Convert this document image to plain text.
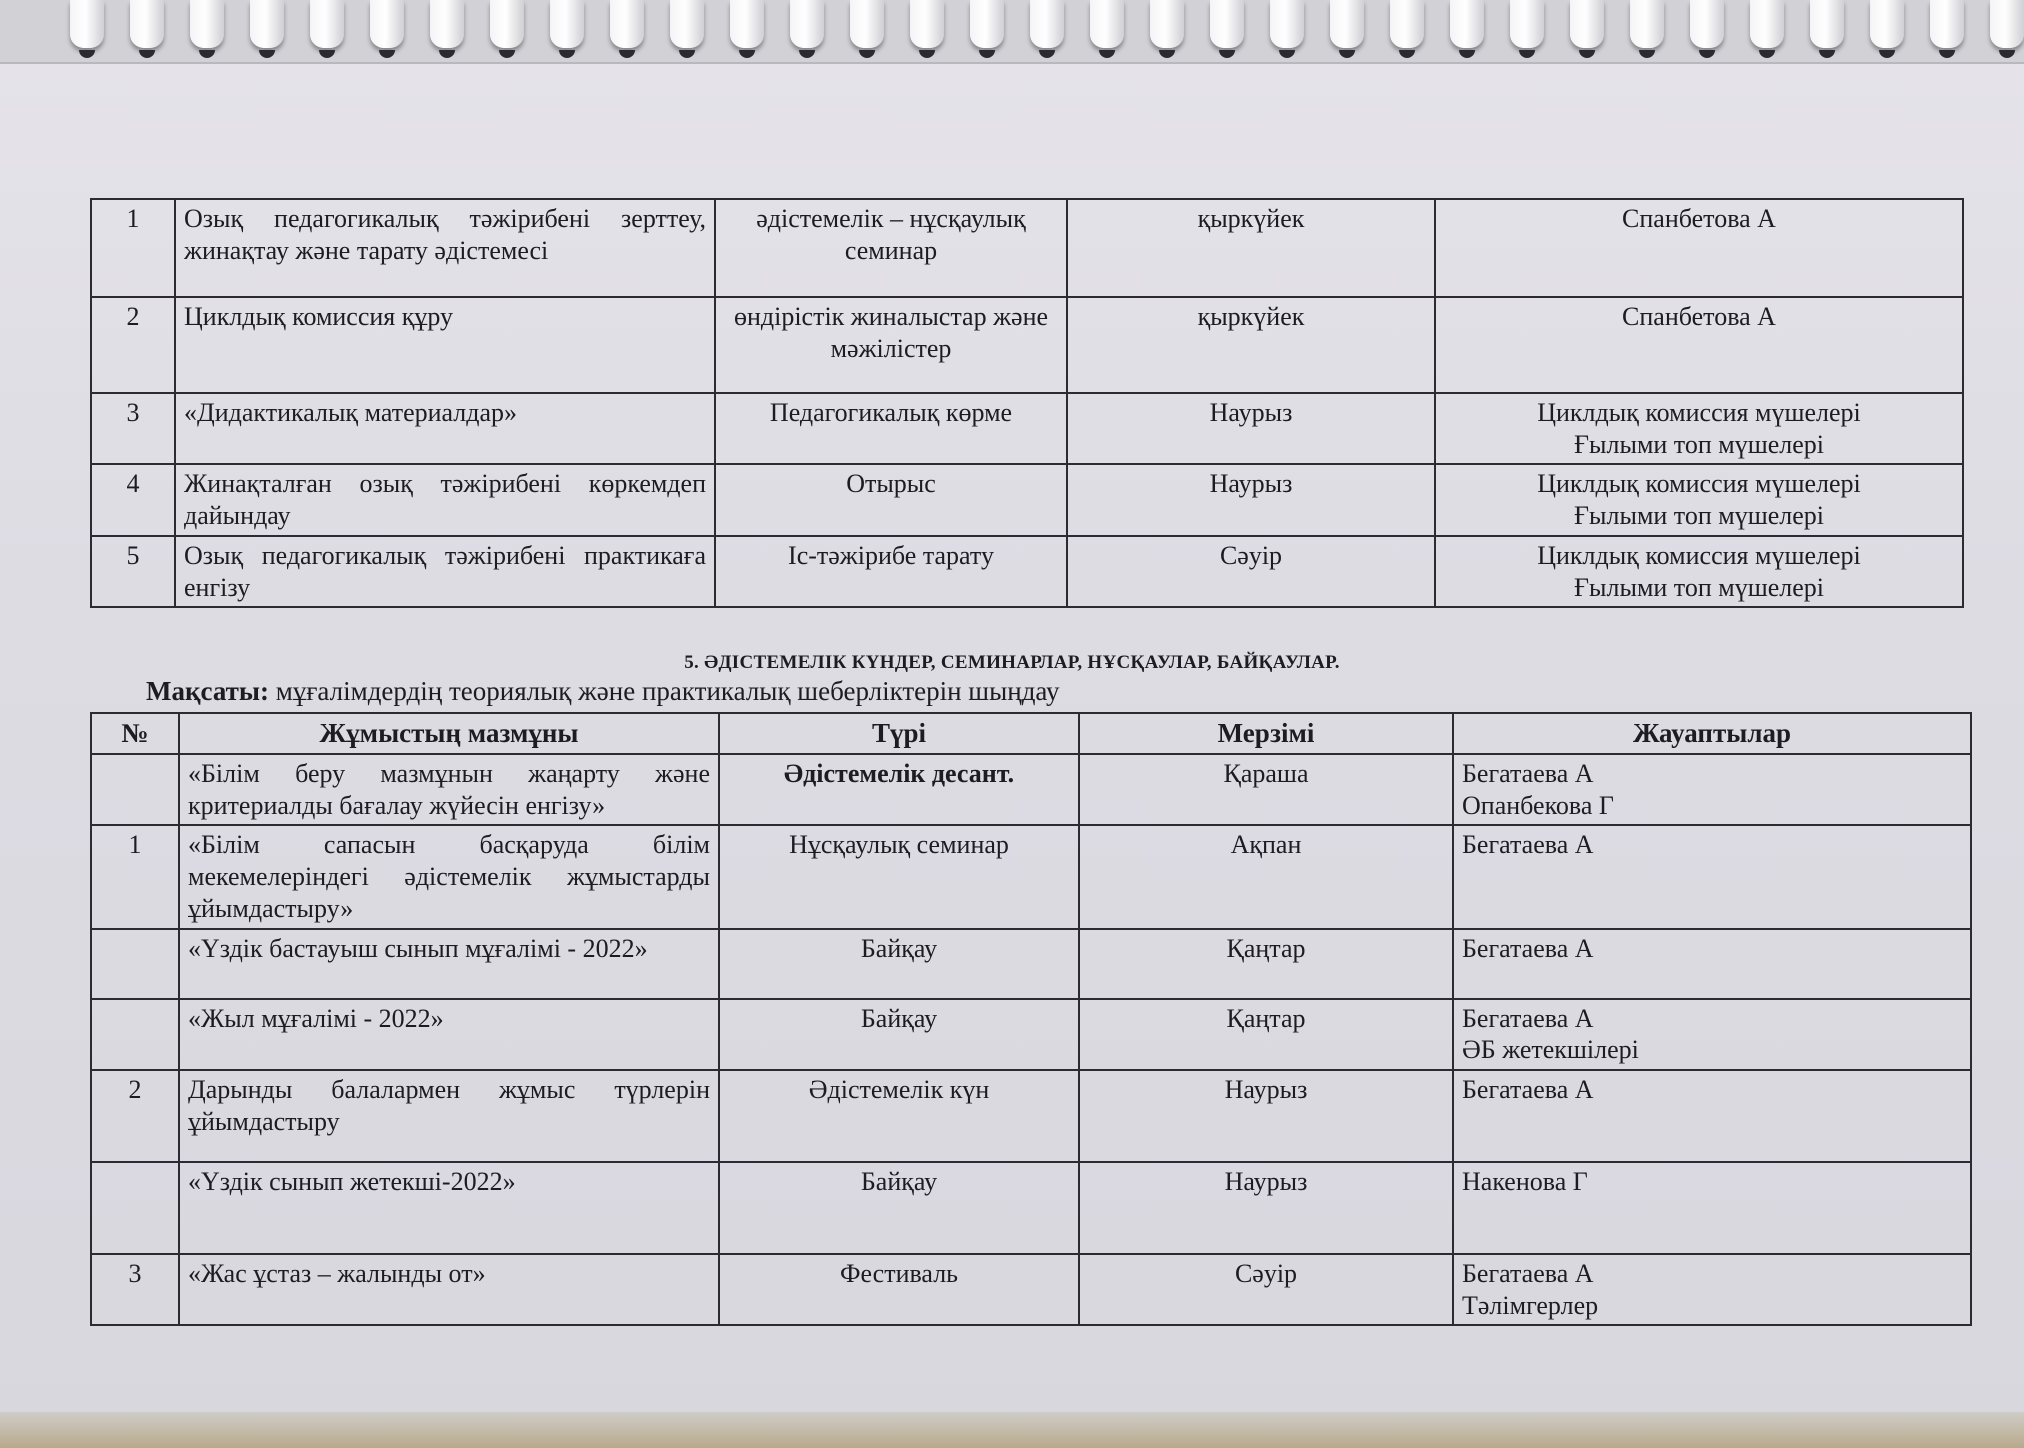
1	Озық педагогикалық тәжірибені зерттеу, жинақтау және тарату әдістемесі	әдістемелік – нұсқаулық семинар	қыркүйек	Спанбетова А
2	Циклдық комиссия құру	өндірістік жиналыстар және мәжілістер	қыркүйек	Спанбетова А
3	«Дидактикалық материалдар»	Педагогикалық көрме	Наурыз	Циклдық комиссия мүшелері
Ғылыми топ мүшелері
4	Жинақталған озық тәжірибені көркемдеп дайындау	Отырыс	Наурыз	Циклдық комиссия мүшелері
Ғылыми топ мүшелері
5	Озық педагогикалық тәжірибені практикаға енгізу	Іс-тәжірибе тарату	Сәуір	Циклдық комиссия мүшелері
Ғылыми топ мүшелері
5. ӘДІСТЕМЕЛІК КҮНДЕР, СЕМИНАРЛАР, НҰСҚАУЛАР, БАЙҚАУЛАР.
Мақсаты: мұғалімдердің теориялық және практикалық шеберліктерін шыңдау
№	Жұмыстың мазмұны	Түрі	Мерзімі	Жауаптылар
	«Білім беру мазмұнын жаңарту және критериалды бағалау жүйесін енгізу»	Әдістемелік десант.	Қараша	Бегатаева А
Опанбекова Г
1	«Білім сапасын басқаруда білім мекемелеріндегі әдістемелік жұмыстарды ұйымдастыру»	Нұсқаулық семинар	Ақпан	Бегатаева А
	«Үздік бастауыш сынып мұғалімі - 2022»	Байқау	Қаңтар	Бегатаева А
	«Жыл мұғалімі - 2022»	Байқау	Қаңтар	Бегатаева А
ӘБ жетекшілері
2	Дарынды балалармен жұмыс түрлерін ұйымдастыру	Әдістемелік күн	Наурыз	Бегатаева А
	«Үздік сынып жетекші-2022»	Байқау	Наурыз	Накенова Г
3	«Жас ұстаз – жалынды от»	Фестиваль	Сәуір	Бегатаева А
Тәлімгерлер
